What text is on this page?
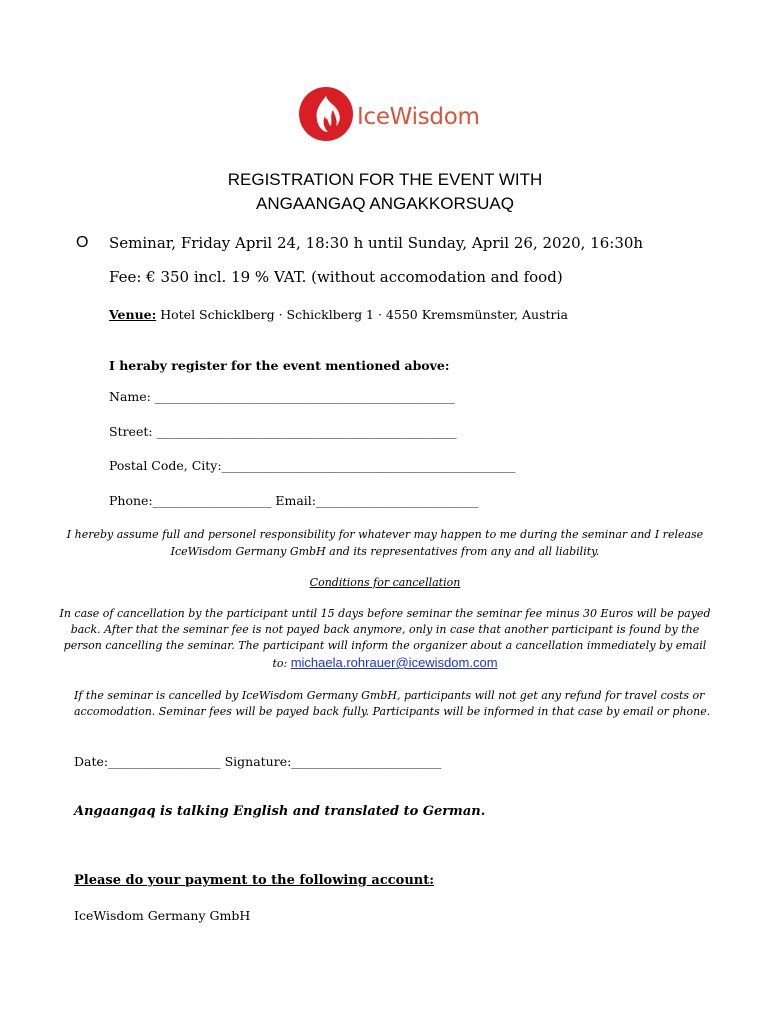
IceWisdom
REGISTRATION FOR THE EVENT WITH
ANGAANGAQ ANGAKKORSUAQ
O Seminar, Friday April 24, 18:30 h until Sunday, April 26, 2020, 16:30h
Fee: € 350 incl. 19 % VAT. (without accomodation and food)
Venue: Hotel Schicklberg · Schicklberg 1 · 4550 Kremsmünster, Austria
I heraby register for the event mentioned above:
Name: ________________________________________________
Street: ________________________________________________
Postal Code, City:_______________________________________________
Phone:___________________ Email:__________________________
I hereby assume full and personel responsibility for whatever may happen to me during the seminar and I release
IceWisdom Germany GmbH and its representatives from any and all liability.
Conditions for cancellation
In case of cancellation by the participant until 15 days before seminar the seminar fee minus 30 Euros will be payed
back. After that the seminar fee is not payed back anymore, only in case that another participant is found by the
person cancelling the seminar. The participant will inform the organizer about a cancellation immediately by email
to: michaela.rohrauer@icewisdom.com
If the seminar is cancelled by IceWisdom Germany GmbH, participants will not get any refund for travel costs or
accomodation. Seminar fees will be payed back fully. Participants will be informed in that case by email or phone.
Date:__________________ Signature:________________________
Angaangaq is talking English and translated to German.
Please do your payment to the following account:
IceWisdom Germany GmbH
